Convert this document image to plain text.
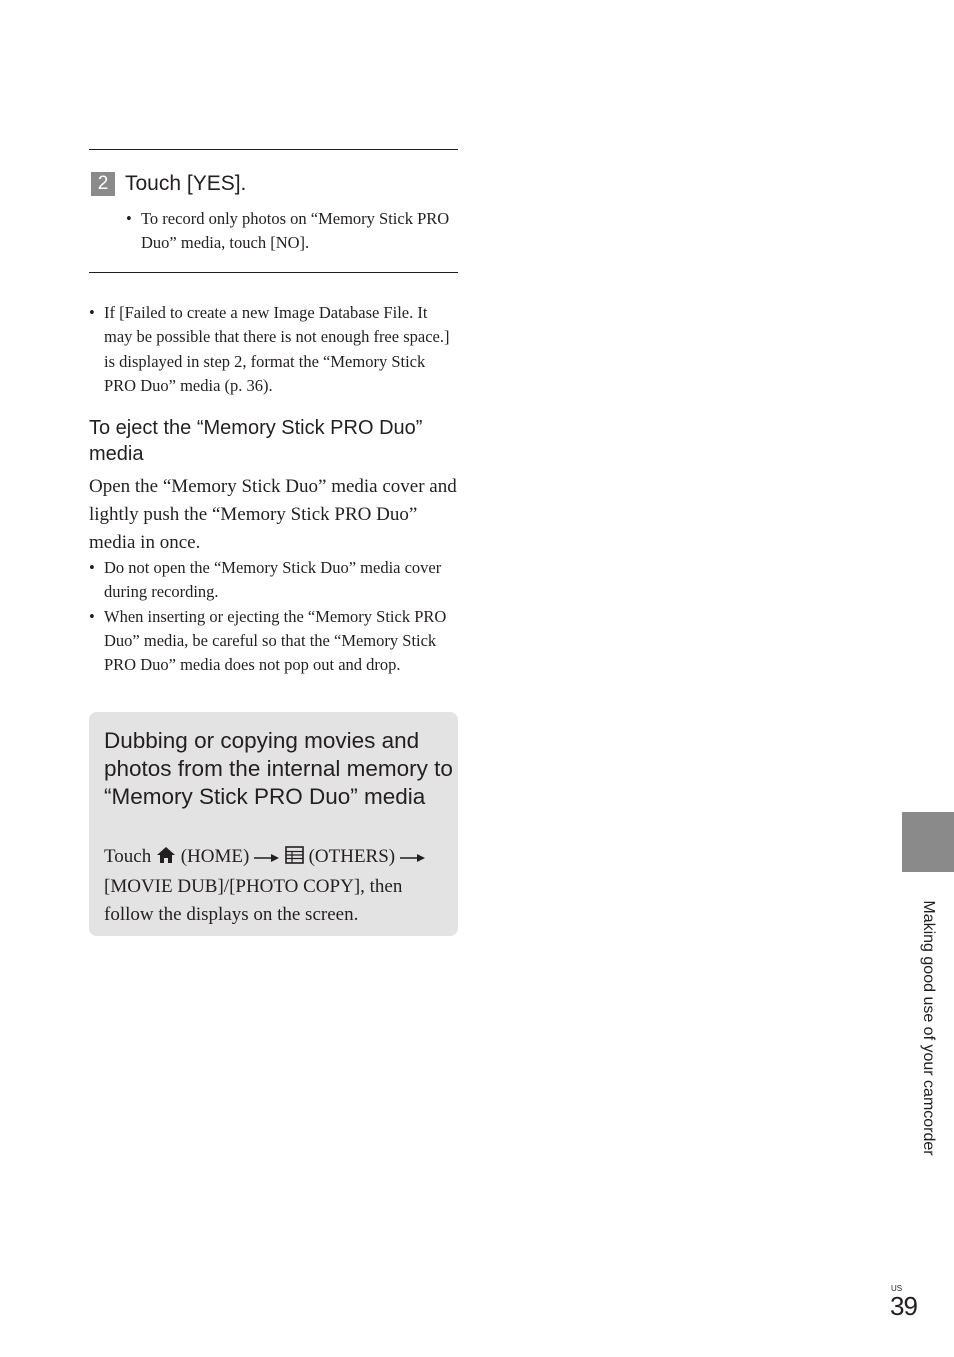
2 Touch [YES].
• To record only photos on “Memory Stick PRO Duo” media, touch [NO].
• If [Failed to create a new Image Database File. It may be possible that there is not enough free space.] is displayed in step 2, format the “Memory Stick PRO Duo” media (p. 36).
To eject the “Memory Stick PRO Duo” media

Open the “Memory Stick Duo” media cover and lightly push the “Memory Stick PRO Duo” media in once.

• Do not open the “Memory Stick Duo” media cover during recording.
• When inserting or ejecting the “Memory Stick PRO Duo” media, be careful so that the “Memory Stick PRO Duo” media does not pop out and drop.
Dubbing or copying movies and photos from the internal memory to “Memory Stick PRO Duo” media

Touch (HOME)	(OTHERS)  [MOVIE DUB]/[PHOTO COPY], then follow the displays on the screen.	Making good use of your camcorder
US
39
